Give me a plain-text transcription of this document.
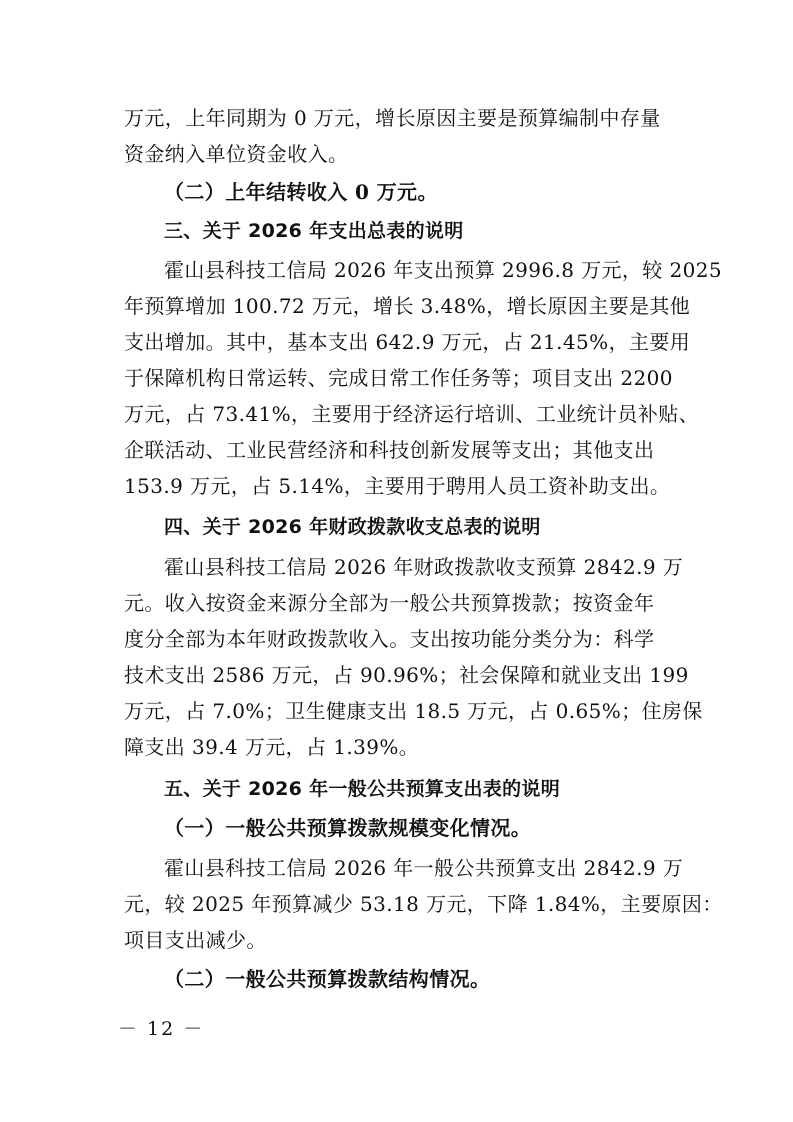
万元，上年同期为 0 万元，增长原因主要是预算编制中存量
资金纳入单位资金收入。
（二）上年结转收入 0 万元。
三、关于 2026 年支出总表的说明
霍山县科技工信局 2026 年支出预算 2996.8 万元，较 2025
年预算增加 100.72 万元，增长 3.48%，增长原因主要是其他
支出增加。其中，基本支出 642.9 万元，占 21.45%，主要用
于保障机构日常运转、完成日常工作任务等；项目支出 2200
万元，占 73.41%，主要用于经济运行培训、工业统计员补贴、
企联活动、工业民营经济和科技创新发展等支出；其他支出
153.9 万元，占 5.14%，主要用于聘用人员工资补助支出。
四、关于 2026 年财政拨款收支总表的说明
霍山县科技工信局 2026 年财政拨款收支预算 2842.9 万
元。收入按资金来源分全部为一般公共预算拨款；按资金年
度分全部为本年财政拨款收入。支出按功能分类分为：科学
技术支出 2586 万元，占 90.96%；社会保障和就业支出 199
万元，占 7.0%；卫生健康支出 18.5 万元，占 0.65%；住房保
障支出 39.4 万元，占 1.39%。
五、关于 2026 年一般公共预算支出表的说明
（一）一般公共预算拨款规模变化情况。
霍山县科技工信局 2026 年一般公共预算支出 2842.9 万
元，较 2025 年预算减少 53.18 万元，下降 1.84%，主要原因：
项目支出减少。
（二）一般公共预算拨款结构情况。
－ 12 －
